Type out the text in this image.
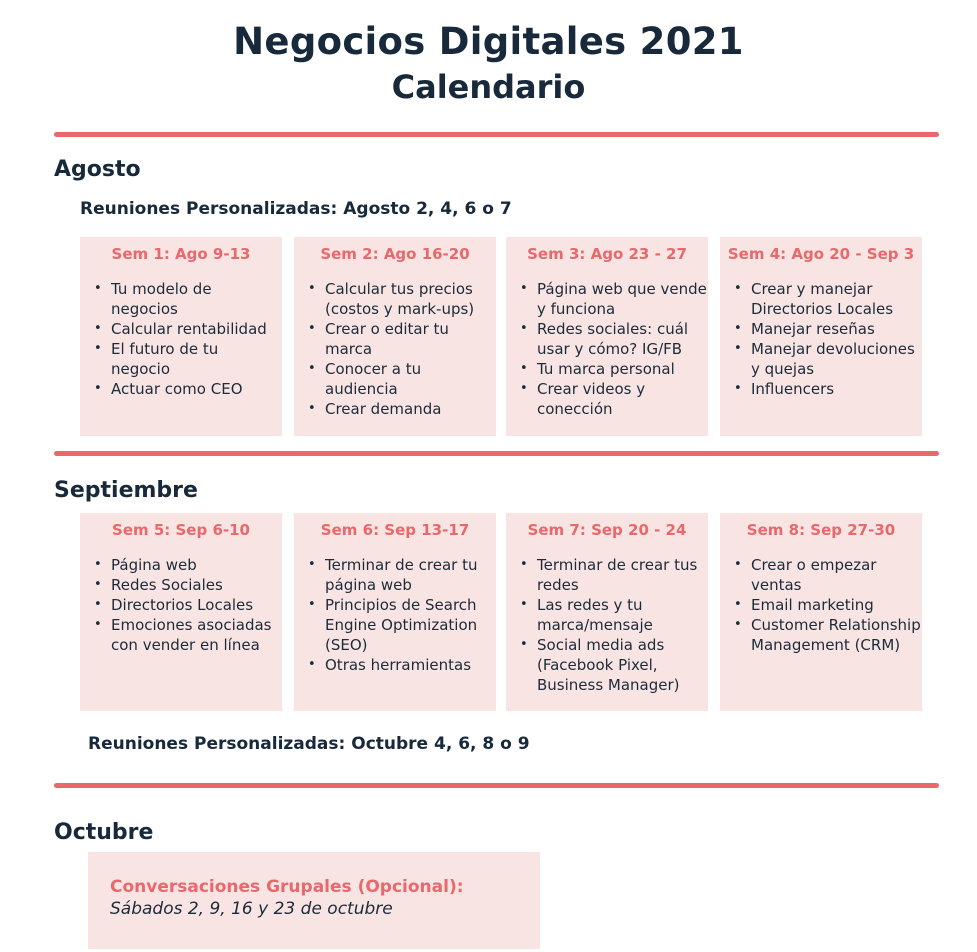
Negocios Digitales 2021
Calendario
Agosto

Reuniones Personalizadas: Agosto 2, 4, 6 o 7

Sem 1: Ago 9-13

• Tu modelo de negocios
• Calcular rentabilidad
• El futuro de tu negocio
• Actuar como CEO

Sem 2: Ago 16-20

• Calcular tus precios (costos y mark-ups)
• Crear o editar tu marca
• Conocer a tu audiencia
• Crear demanda

Sem 3: Ago 23 - 27

• Página web que vende y funciona
• Redes sociales: cuál usar y cómo? IG/FB
• Tu marca personal
• Crear videos y conección

Sem 4: Ago 20 - Sep 3

• Crear y manejar Directorios Locales
• Manejar reseñas
• Manejar devoluciones y quejas
• Influencers
Septiembre

Sem 5: Sep 6-10

• Página web
• Redes Sociales
• Directorios Locales
• Emociones asociadas con vender en línea

Sem 6: Sep 13-17

• Terminar de crear tu página web
• Principios de Search Engine Optimization (SEO)
• Otras herramientas

Sem 7: Sep 20 - 24

• Terminar de crear tus redes
• Las redes y tu marca/mensaje
• Social media ads (Facebook Pixel, Business Manager)

Sem 8: Sep 27-30

• Crear o empezar ventas
• Email marketing
• Customer Relationship Management (CRM)

Reuniones Personalizadas: Octubre 4, 6, 8 o 9

Octubre

Conversaciones Grupales (Opcional):

Sábados 2, 9, 16 y 23 de octubre
